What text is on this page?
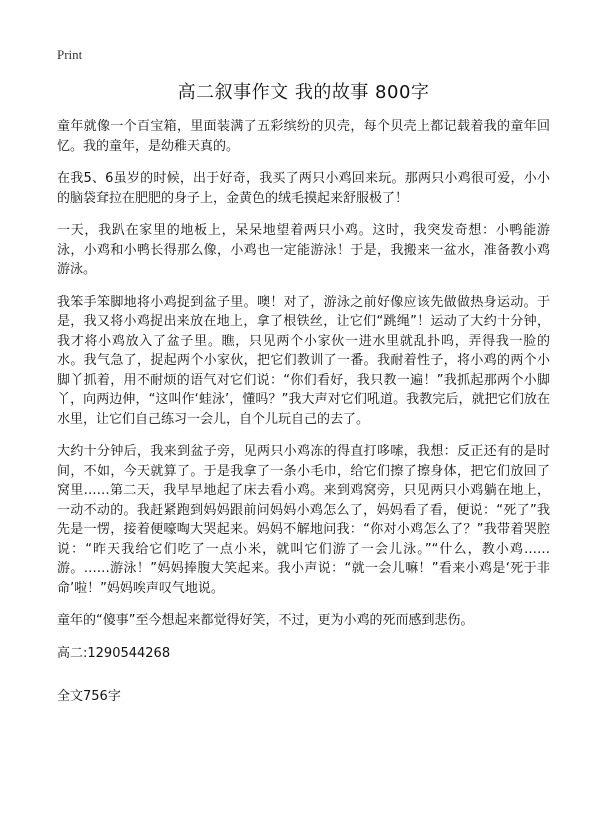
Print
高二叙事作文 我的故事 800字

童年就像一个百宝箱，里面装满了五彩缤纷的贝壳，每个贝壳上都记载着我的童年回忆。我的童年，是幼稚天真的。

在我5、6虽岁的时候，出于好奇，我买了两只小鸡回来玩。那两只小鸡很可爱，小小的脑袋耷拉在肥肥的身子上，金黄色的绒毛摸起来舒服极了！

一天，我趴在家里的地板上，呆呆地望着两只小鸡。这时，我突发奇想：小鸭能游泳，小鸡和小鸭长得那么像，小鸡也一定能游泳！于是，我搬来一盆水，准备教小鸡游泳。

我笨手笨脚地将小鸡捉到盆子里。噢！对了，游泳之前好像应该先做做热身运动。于是，我又将小鸡捉出来放在地上，拿了根铁丝，让它们“跳绳”！运动了大约十分钟，我才将小鸡放入了盆子里。瞧，只见两个小家伙一进水里就乱扑呜，弄得我一脸的水。我气急了，捉起两个小家伙，把它们教训了一番。我耐着性子，将小鸡的两个小脚丫抓着，用不耐烦的语气对它们说：“你们看好，我只教一遍！”我抓起那两个小脚丫，向两边伸，“这叫作‘蛙泳’，懂吗？”我大声对它们吼道。我教完后，就把它们放在水里，让它们自己练习一会儿，自个儿玩自己的去了。

大约十分钟后，我来到盆子旁，见两只小鸡冻的得直打哆嗦，我想：反正还有的是时间，不如，今天就算了。于是我拿了一条小毛巾，给它们擦了擦身体，把它们放回了窝里……第二天，我早早地起了床去看小鸡。来到鸡窝旁，只见两只小鸡躺在地上，一动不动的。我赶紧跑到妈妈跟前问妈妈小鸡怎么了，妈妈看了看，便说：“死了”我先是一愣，接着便嚎啕大哭起来。妈妈不解地问我：“你对小鸡怎么了？”我带着哭腔说：“昨天我给它们吃了一点小米，就叫它们游了一会儿泳。”“什么，教小鸡……游。……游泳！”妈妈捧腹大笑起来。我小声说：“就一会儿嘛！”看来小鸡是‘死于非命’啦！”妈妈唉声叹气地说。

童年的“傻事”至今想起来都觉得好笑，不过，更为小鸡的死而感到悲伤。

高二:1290544268
全文756字
